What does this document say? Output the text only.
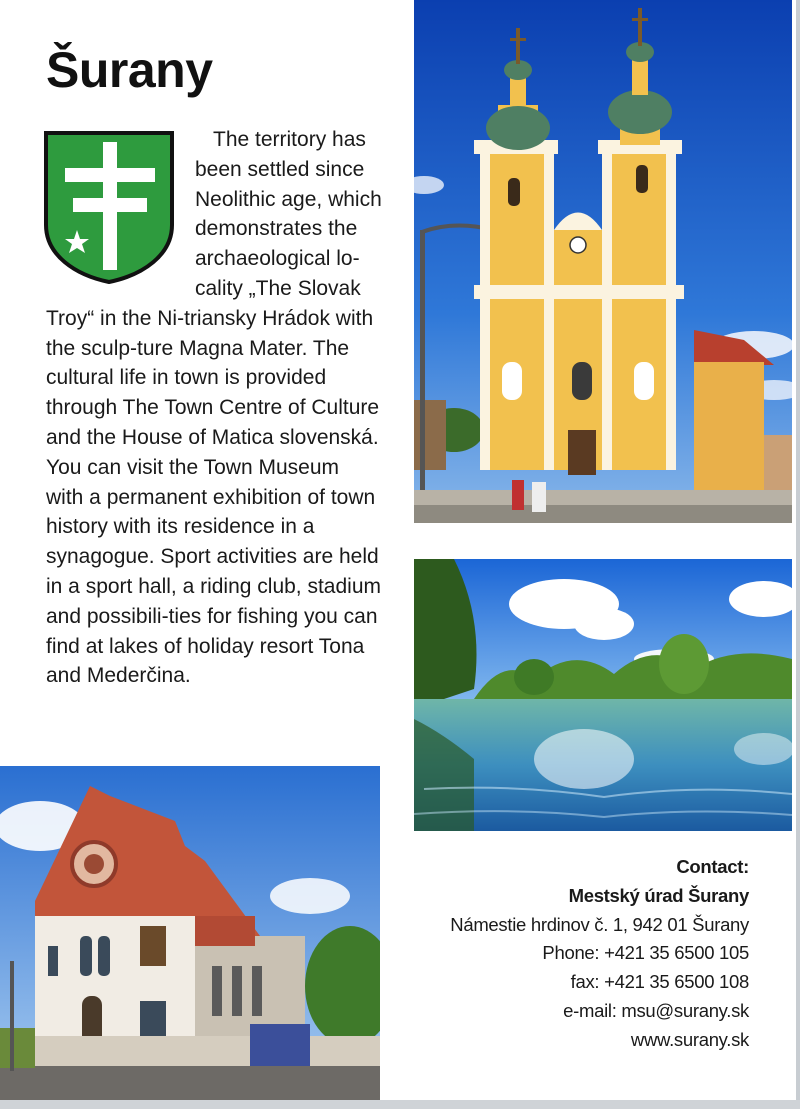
Šurany

The territory has been settled since Neolithic age, which demonstrates the archaeological lo-cality „The Slovak Troy“ in the Ni-triansky Hrádok with the sculp-ture Magna Mater. The cultural life in town is provided through The Town Centre of Culture and the House of Matica slovenská. You can visit the Town Museum with a permanent exhibition of town history with its residence in a synagogue. Sport activities are held in a sport hall, a riding club, stadium and possibili-ties for fishing you can find at lakes of holiday resort Tona and Mederčina.

Contact:
Mestský úrad Šurany
Námestie hrdinov č. 1, 942 01 Šurany
Phone: +421 35 6500 105
fax: +421 35 6500 108
e-mail: msu@surany.sk
www.surany.sk
